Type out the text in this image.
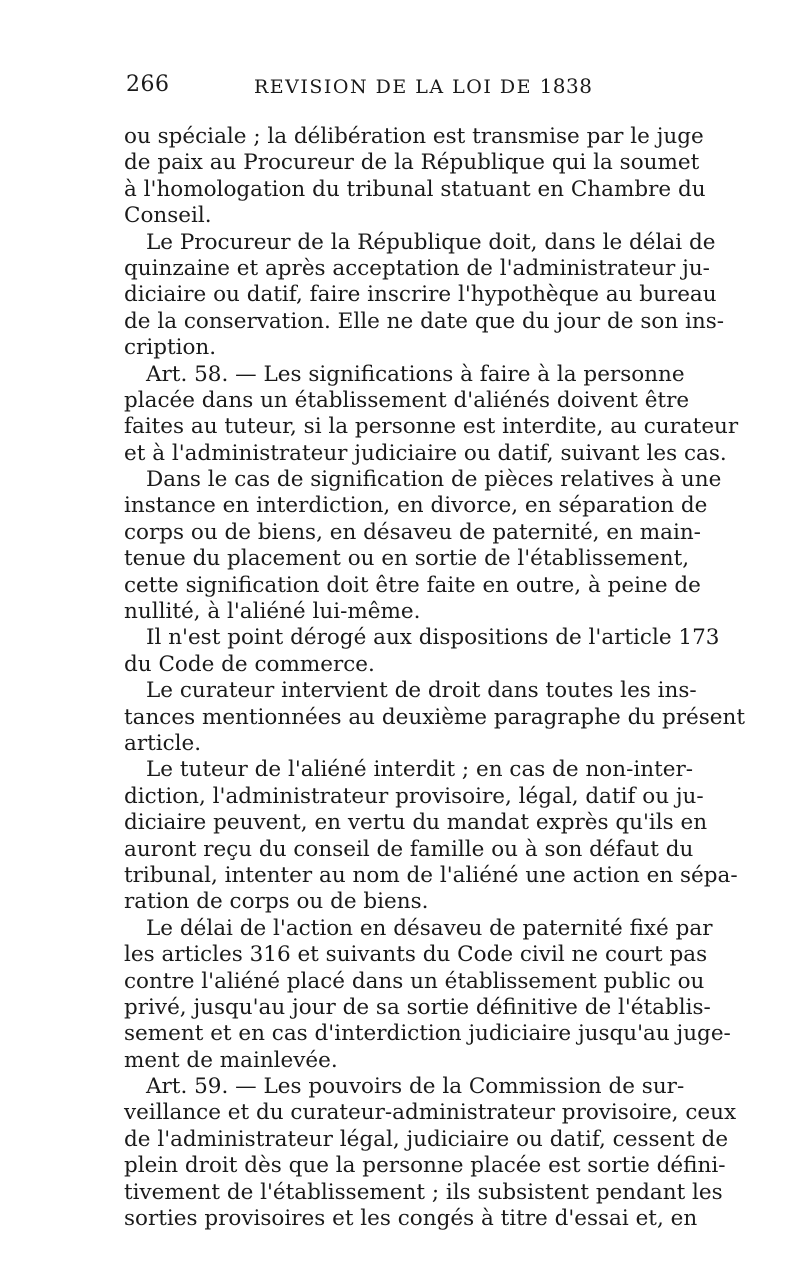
266	REVISION DE LA LOI DE 1838
ou spéciale ; la délibération est transmise par le juge
de paix au Procureur de la République qui la soumet
à l'homologation du tribunal statuant en Chambre du
Conseil.
Le Procureur de la République doit, dans le délai de
quinzaine et après acceptation de l'administrateur ju-
diciaire ou datif, faire inscrire l'hypothèque au bureau
de la conservation. Elle ne date que du jour de son ins-
cription.
Art. 58. — Les significations à faire à la personne
placée dans un établissement d'aliénés doivent être
faites au tuteur, si la personne est interdite, au curateur
et à l'administrateur judiciaire ou datif, suivant les cas.
Dans le cas de signification de pièces relatives à une
instance en interdiction, en divorce, en séparation de
corps ou de biens, en désaveu de paternité, en main-
tenue du placement ou en sortie de l'établissement,
cette signification doit être faite en outre, à peine de
nullité, à l'aliéné lui-même.
Il n'est point dérogé aux dispositions de l'article 173
du Code de commerce.
Le curateur intervient de droit dans toutes les ins-
tances mentionnées au deuxième paragraphe du présent
article.
Le tuteur de l'aliéné interdit ; en cas de non-inter-
diction, l'administrateur provisoire, légal, datif ou ju-
diciaire peuvent, en vertu du mandat exprès qu'ils en
auront reçu du conseil de famille ou à son défaut du
tribunal, intenter au nom de l'aliéné une action en sépa-
ration de corps ou de biens.
Le délai de l'action en désaveu de paternité fixé par
les articles 316 et suivants du Code civil ne court pas
contre l'aliéné placé dans un établissement public ou
privé, jusqu'au jour de sa sortie définitive de l'établis-
sement et en cas d'interdiction judiciaire jusqu'au juge-
ment de mainlevée.
Art. 59. — Les pouvoirs de la Commission de sur-
veillance et du curateur-administrateur provisoire, ceux
de l'administrateur légal, judiciaire ou datif, cessent de
plein droit dès que la personne placée est sortie défini-
tivement de l'établissement ; ils subsistent pendant les
sorties provisoires et les congés à titre d'essai et, en
